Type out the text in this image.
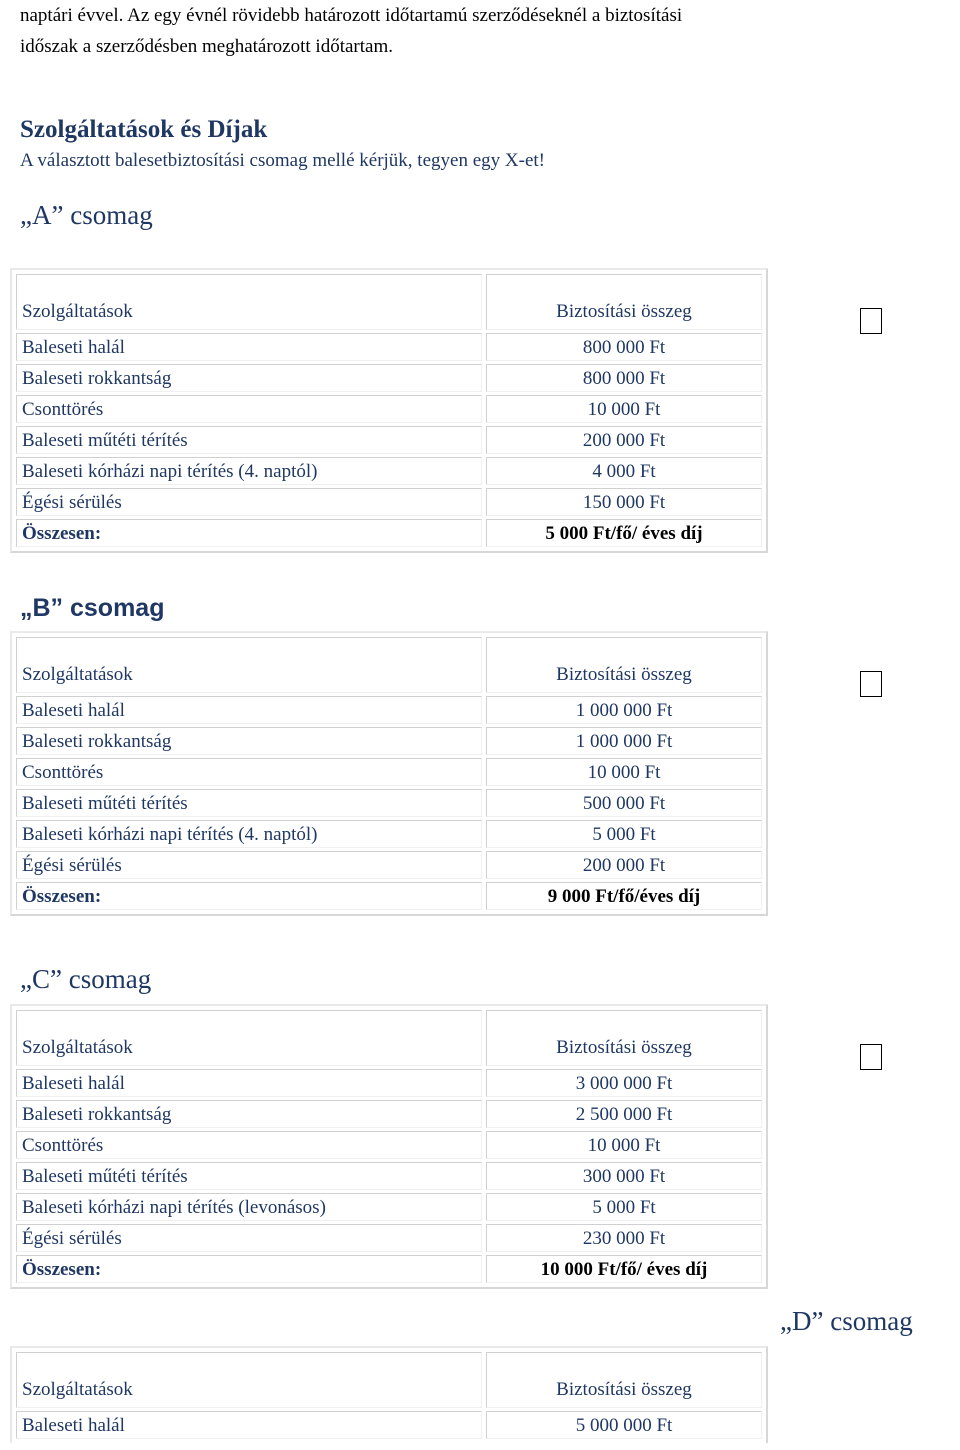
naptári évvel. Az egy évnél rövidebb határozott időtartamú szerződéseknél a biztosítási

időszak a szerződésben meghatározott időtartam.

Szolgáltatások és Díjak
A választott balesetbiztosítási csomag mellé kérjük, tegyen egy X-et!
„A” csomag
Szolgáltatások	Biztosítási összeg
Baleseti halál	800 000 Ft
Baleseti rokkantság	800 000 Ft
Csonttörés	10 000 Ft
Baleseti műtéti térítés	200 000 Ft
Baleseti kórházi napi térítés (4. naptól)	4 000 Ft
Égési sérülés	150 000 Ft
Összesen:	5 000 Ft/fő/ éves díj
„B” csomag
Szolgáltatások	Biztosítási összeg
Baleseti halál	1 000 000 Ft
Baleseti rokkantság	1 000 000 Ft
Csonttörés	10 000 Ft
Baleseti műtéti térítés	500 000 Ft
Baleseti kórházi napi térítés (4. naptól)	5 000 Ft
Égési sérülés	200 000 Ft
Összesen:	9 000 Ft/fő/éves díj
„C” csomag
Szolgáltatások	Biztosítási összeg
Baleseti halál	3 000 000 Ft
Baleseti rokkantság	2 500 000 Ft
Csonttörés	10 000 Ft
Baleseti műtéti térítés	300 000 Ft
Baleseti kórházi napi térítés (levonásos)	5 000 Ft
Égési sérülés	230 000 Ft
Összesen:	10 000 Ft/fő/ éves díj
„D” csomag
Szolgáltatások	Biztosítási összeg
Baleseti halál	5 000 000 Ft
